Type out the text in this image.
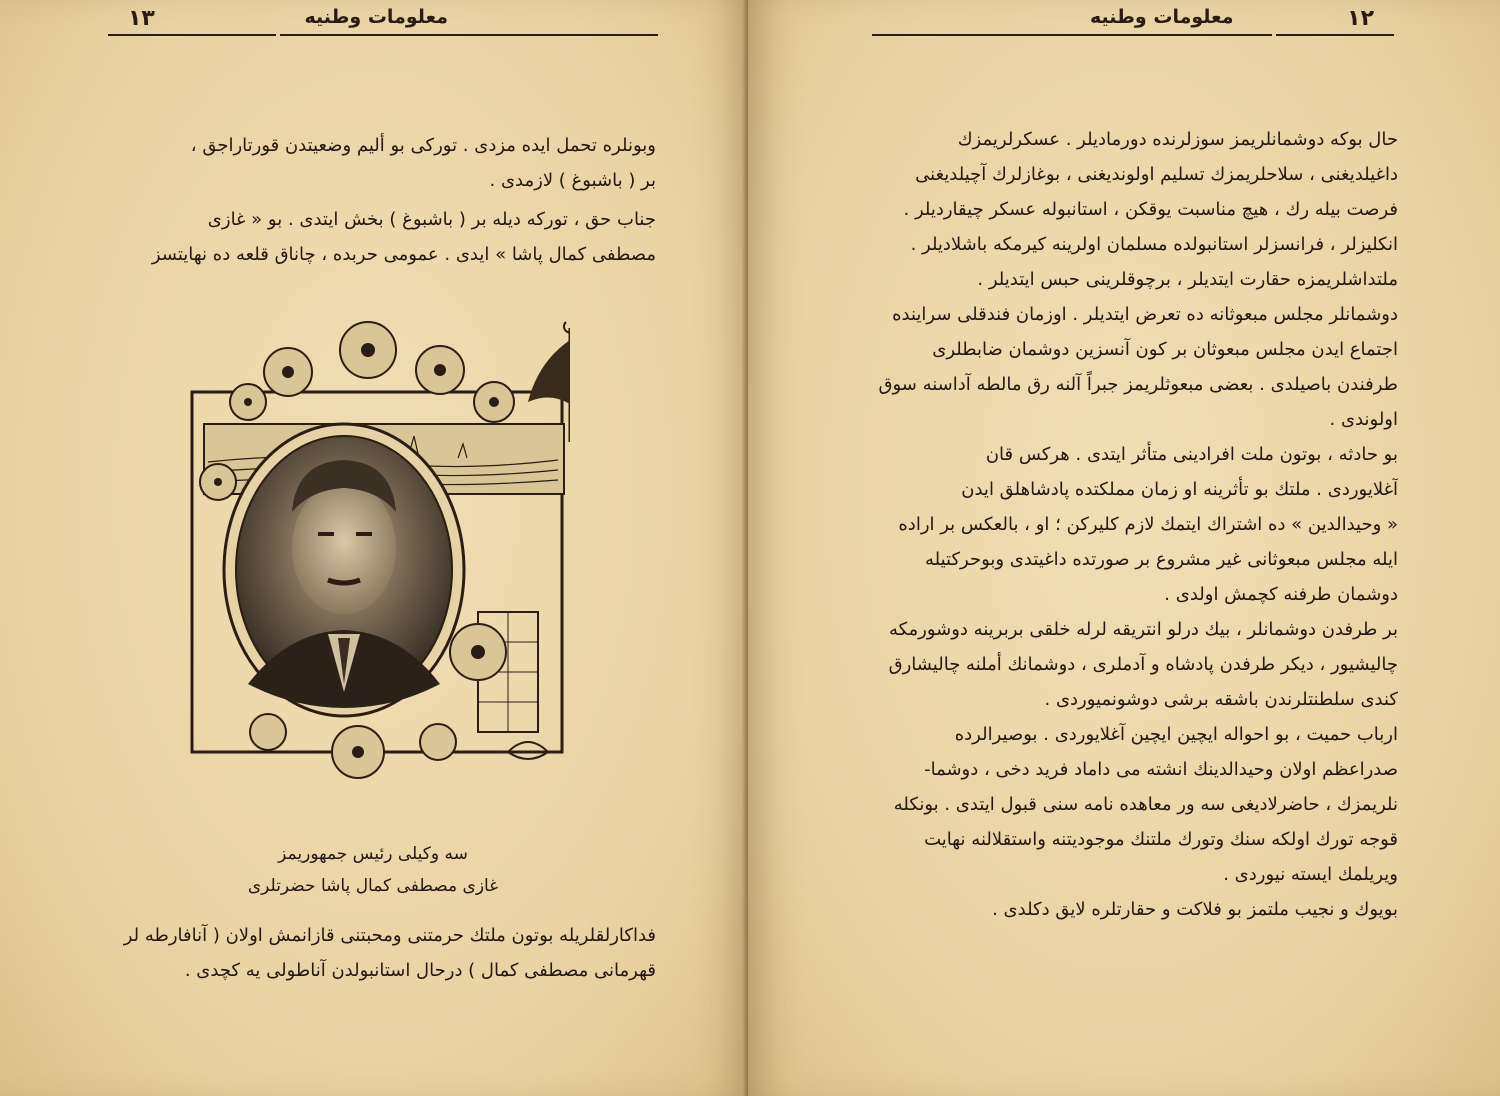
١٣	معلومات وطنيه
وبونلره تحمل ايده مزدى . توركى بو أليم وضعيتدن قورتاراجق ،
بر ( باشبوغ ) لازمدى .
جناب حق ، توركه ديله بر ( باشبوغ ) بخش ايتدى . بو « غازى
مصطفى كمال پاشا » ايدى . عمومى حربده ، چاناق قلعه ده نهايتسز
سه وكيلى رئيس جمهوريمز
غازى مصطفى كمال پاشا حضرتلرى
فداكارلقلريله بوتون ملتك حرمتنى ومحبتنى قازانمش اولان ( آنافارطه لر
قهرمانى مصطفى كمال ) درحال استانبولدن آناطولى يه كچدى .
١٢
معلومات وطنيه
حال بوكه دوشمانلريمز سوزلرنده دورماديلر . عسكرلريمزك
داغيلديغنى ، سلاحلريمزك تسليم اولونديغنى ، بوغازلرك آچيلديغنى
فرصت بيله رك ، هيچ مناسبت يوقكن ، استانبوله عسكر چيقارديلر .
انكليزلر ، فرانسزلر استانبولده مسلمان اولرينه كيرمكه باشلاديلر .
ملتداشلريمزه حقارت ايتديلر ، برچوقلرينى حبس ايتديلر .
دوشمانلر مجلس مبعوثانه ده تعرض ايتديلر . اوزمان فندقلى سراينده
اجتماع ايدن مجلس مبعوثان بر كون آنسزين دوشمان ضابطلرى
طرفندن باصيلدى . بعضى مبعوثلريمز جبراً آلنه رق مالطه آداسنه سوق
اولوندى .
بو حادثه ، بوتون ملت افرادينى متأثر ايتدى . هركس قان
آغلايوردى . ملتك بو تأثرينه او زمان مملكتده پادشاهلق ايدن
« وحيدالدين » ده اشتراك ايتمك لازم كليركن ؛ او ، بالعكس بر اراده
ايله مجلس مبعوثانى غير مشروع بر صورتده داغيتدى وبوحركتيله
دوشمان طرفنه كچمش اولدى .
بر طرفدن دوشمانلر ، بيك درلو انتريقه لرله خلقى بربرينه دوشورمكه
چاليشيور ، ديكر طرفدن پادشاه و آدملرى ، دوشمانك أملنه چاليشارق
كندى سلطنتلرندن باشقه برشى دوشونميوردى .
ارباب حميت ، بو احواله ايچين ايچين آغلايوردى . بوصيرالرده
صدراعظم اولان وحيدالدينك انشته مى داماد فريد دخى ، دوشما-
نلريمزك ، حاضرلاديغى سه ور معاهده نامه سنى قبول ايتدى . بونكله
قوجه تورك اولكه سنك وتورك ملتنك موجوديتنه واستقلالنه نهايت
ويريلمك ايسته نيوردى .
بويوك و نجيب ملتمز بو فلاكت و حقارتلره لايق دكلدى .
